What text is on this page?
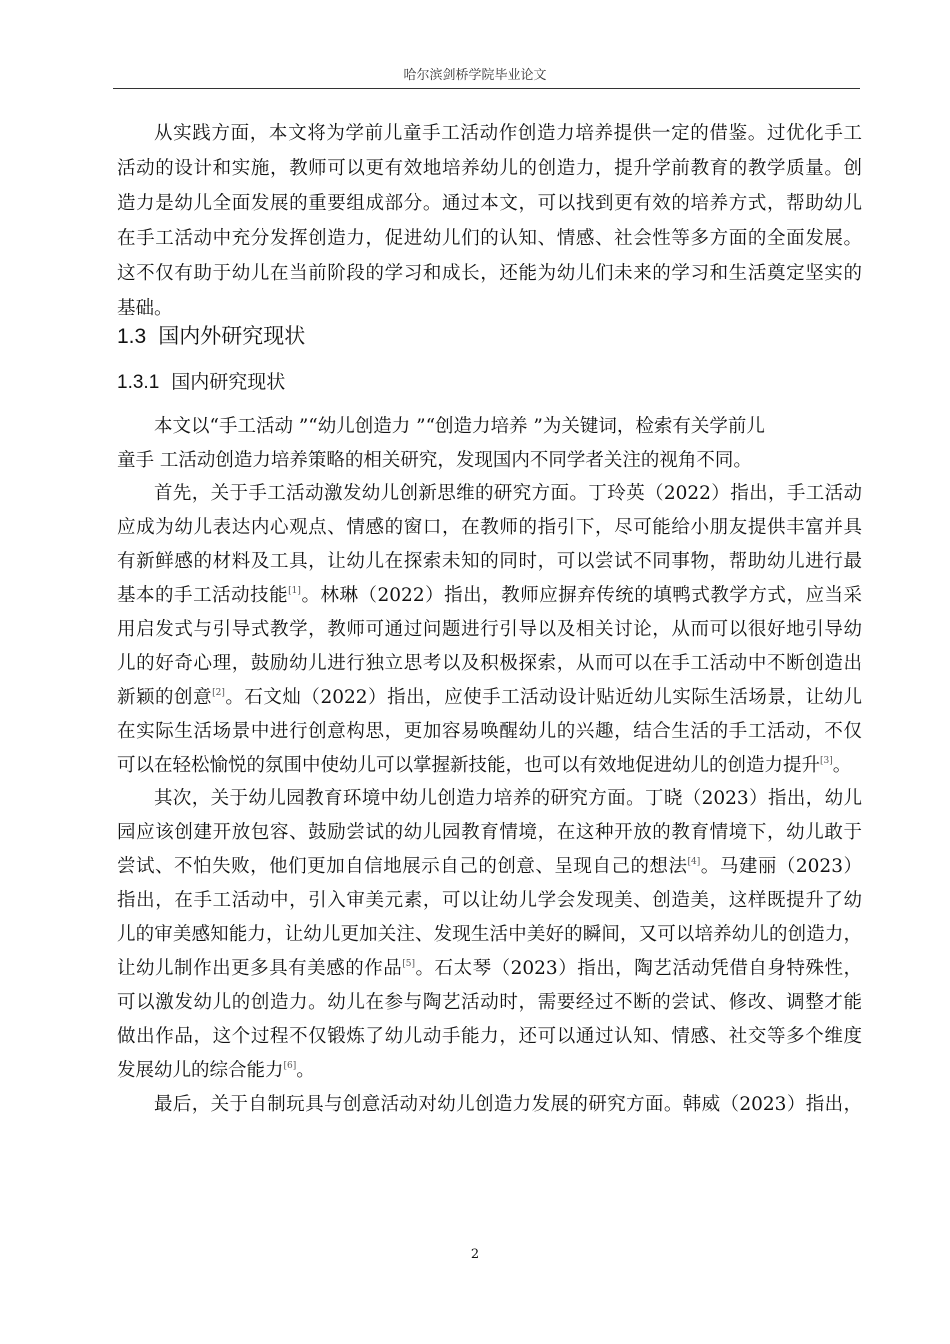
哈尔滨剑桥学院毕业论文
从实践方面，本文将为学前儿童手工活动作创造力培养提供一定的借鉴。过优化手工
活动的设计和实施，教师可以更有效地培养幼儿的创造力，提升学前教育的教学质量。创
造力是幼儿全面发展的重要组成部分。通过本文，可以找到更有效的培养方式，帮助幼儿
在手工活动中充分发挥创造力，促进幼儿们的认知、情感、社会性等多方面的全面发展。
这不仅有助于幼儿在当前阶段的学习和成长，还能为幼儿们未来的学习和生活奠定坚实的
基础。
1.3 国内外研究现状
1.3.1 国内研究现状
本文以“手工活动 ”“幼儿创造力 ”“创造力培养 ”为关键词，检索有关学前儿
童手 工活动创造力培养策略的相关研究，发现国内不同学者关注的视角不同。
首先，关于手工活动激发幼儿创新思维的研究方面。丁玲英（2022）指出，手工活动
应成为幼儿表达内心观点、情感的窗口，在教师的指引下，尽可能给小朋友提供丰富并具
有新鲜感的材料及工具，让幼儿在探索未知的同时，可以尝试不同事物，帮助幼儿进行最
基本的手工活动技能[1]。林琳（2022）指出，教师应摒弃传统的填鸭式教学方式，应当采
用启发式与引导式教学，教师可通过问题进行引导以及相关讨论，从而可以很好地引导幼
儿的好奇心理，鼓励幼儿进行独立思考以及积极探索，从而可以在手工活动中不断创造出
新颖的创意[2]。石文灿（2022）指出，应使手工活动设计贴近幼儿实际生活场景，让幼儿
在实际生活场景中进行创意构思，更加容易唤醒幼儿的兴趣，结合生活的手工活动，不仅
可以在轻松愉悦的氛围中使幼儿可以掌握新技能，也可以有效地促进幼儿的创造力提升[3]。
其次，关于幼儿园教育环境中幼儿创造力培养的研究方面。丁晓（2023）指出，幼儿
园应该创建开放包容、鼓励尝试的幼儿园教育情境，在这种开放的教育情境下，幼儿敢于
尝试、不怕失败，他们更加自信地展示自己的创意、呈现自己的想法[4]。马建丽（2023）
指出，在手工活动中，引入审美元素，可以让幼儿学会发现美、创造美，这样既提升了幼
儿的审美感知能力，让幼儿更加关注、发现生活中美好的瞬间，又可以培养幼儿的创造力，
让幼儿制作出更多具有美感的作品[5]。石太琴（2023）指出，陶艺活动凭借自身特殊性，
可以激发幼儿的创造力。幼儿在参与陶艺活动时，需要经过不断的尝试、修改、调整才能
做出作品，这个过程不仅锻炼了幼儿动手能力，还可以通过认知、情感、社交等多个维度
发展幼儿的综合能力[6]。
最后，关于自制玩具与创意活动对幼儿创造力发展的研究方面。韩威（2023）指出，
2
